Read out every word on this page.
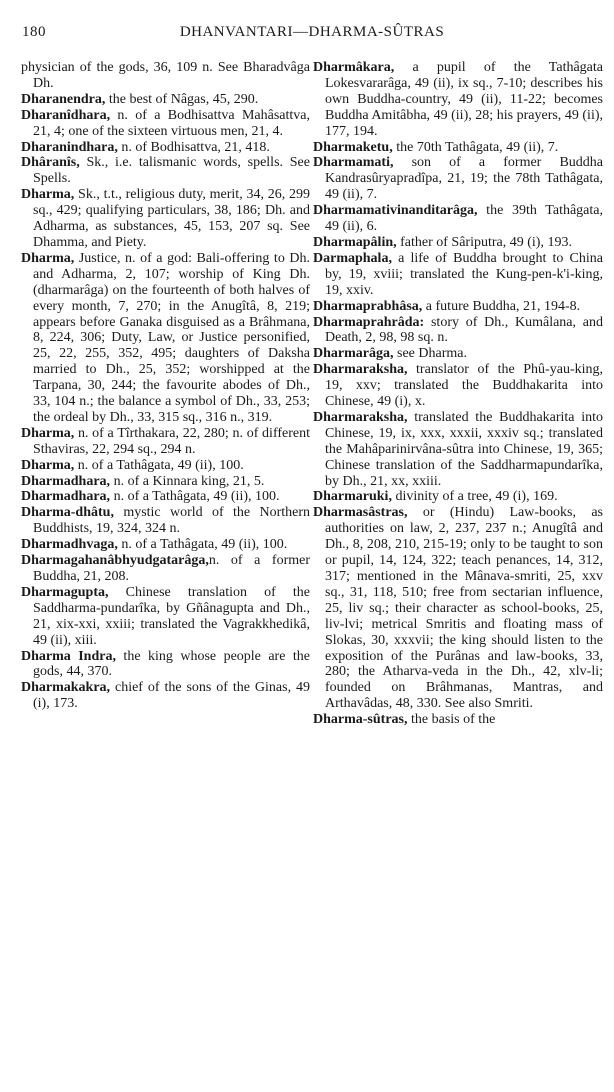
180	DHANVANTARI—DHARMA-SÛTRAS

physician of the gods, 36, 109 n. See Bharadvâga Dh.

Dharanendra, the best of Nâgas, 45, 290.

Dharanîdhara, n. of a Bodhisattva Mahâsattva, 21, 4; one of the sixteen virtuous men, 21, 4.

Dharanindhara, n. of Bodhisattva, 21, 418.

Dhâranîs, Sk., i.e. talismanic words, spells. See Spells.

Dharma, Sk., t.t., religious duty, merit, 34, 26, 299 sq., 429; qualifying particulars, 38, 186; Dh. and Adharma, as substances, 45, 153, 207 sq. See Dhamma, and Piety.

Dharma, Justice, n. of a god: Bali-offering to Dh. and Adharma, 2, 107; worship of King Dh. (dharmarâga) on the fourteenth of both halves of every month, 7, 270; in the Anugîtâ, 8, 219; appears before Ganaka disguised as a Brâhmana, 8, 224, 306; Duty, Law, or Justice personified, 25, 22, 255, 352, 495; daughters of Daksha married to Dh., 25, 352; worshipped at the Tarpana, 30, 244; the favourite abodes of Dh., 33, 104 n.; the balance a symbol of Dh., 33, 253; the ordeal by Dh., 33, 315 sq., 316 n., 319.

Dharma, n. of a Tîrthakara, 22, 280; n. of different Sthaviras, 22, 294 sq., 294 n.

Dharma, n. of a Tathâgata, 49 (ii), 100.

Dharmadhara, n. of a Kinnara king, 21, 5.

Dharmadhara, n. of a Tathâgata, 49 (ii), 100.

Dharma-dhâtu, mystic world of the Northern Buddhists, 19, 324, 324 n.

Dharmadhvaga, n. of a Tathâgata, 49 (ii), 100.

Dharmagahanâbhyudgatarâga,n. of a former Buddha, 21, 208.

Dharmagupta, Chinese translation of the Saddharma-pundarîka, by Gñânagupta and Dh., 21, xix-xxi, xxiii; translated the Vagrakkhedikâ, 49 (ii), xiii.

Dharma Indra, the king whose people are the gods, 44, 370.

Dharmakakra, chief of the sons of the Ginas, 49 (i), 173.

Dharmâkara, a pupil of the Tathâgata Lokesvararâga, 49 (ii), ix sq., 7-10; describes his own Buddha-country, 49 (ii), 11-22; becomes Buddha Amitâbha, 49 (ii), 28; his prayers, 49 (ii), 177, 194.

Dharmaketu, the 70th Tathâgata, 49 (ii), 7.

Dharmamati, son of a former Buddha Kandrasûryapradîpa, 21, 19; the 78th Tathâgata, 49 (ii), 7.

Dharmamativinanditarâga, the 39th Tathâgata, 49 (ii), 6.

Dharmapâlin, father of Sâriputra, 49 (i), 193.

Darmaphala, a life of Buddha brought to China by, 19, xviii; translated the Kung-pen-k'i-king, 19, xxiv.

Dharmaprabhâsa, a future Buddha, 21, 194-8.

Dharmaprahrâda: story of Dh., Kumâlana, and Death, 2, 98, 98 sq. n.

Dharmarâga, see Dharma.

Dharmaraksha, translator of the Phû-yau-king, 19, xxv; translated the Buddhakarita into Chinese, 49 (i), x.

Dharmaraksha, translated the Buddhakarita into Chinese, 19, ix, xxx, xxxii, xxxiv sq.; translated the Mahâparinirvâna-sûtra into Chinese, 19, 365; Chinese translation of the Saddharmapundarîka, by Dh., 21, xx, xxiii.

Dharmaruki, divinity of a tree, 49 (i), 169.

Dharmasâstras, or (Hindu) Law-books, as authorities on law, 2, 237, 237 n.; Anugîtâ and Dh., 8, 208, 210, 215-19; only to be taught to son or pupil, 14, 124, 322; teach penances, 14, 312, 317; mentioned in the Mânava-smriti, 25, xxv sq., 31, 118, 510; free from sectarian influence, 25, liv sq.; their character as school-books, 25, liv-lvi; metrical Smritis and floating mass of Slokas, 30, xxxvii; the king should listen to the exposition of the Purânas and law-books, 33, 280; the Atharva-veda in the Dh., 42, xlv-li; founded on Brâhmanas, Mantras, and Arthavâdas, 48, 330. See also Smriti.

Dharma-sûtras, the basis of the
